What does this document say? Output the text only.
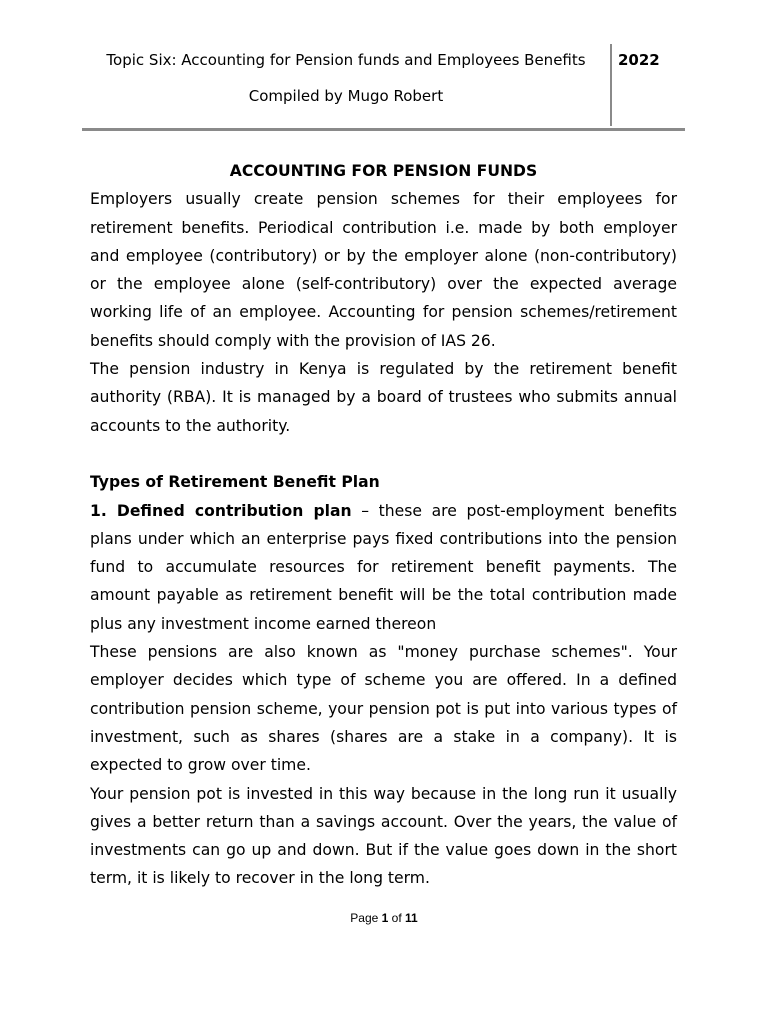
Topic Six: Accounting for Pension funds and Employees Benefits
Compiled by Mugo Robert
2022

ACCOUNTING FOR PENSION FUNDS

Employers usually create pension schemes for their employees for retirement benefits. Periodical contribution i.e. made by both employer and employee (contributory) or by the employer alone (non-contributory) or the employee alone (self-contributory) over the expected average working life of an employee. Accounting for pension schemes/retirement benefits should comply with the provision of IAS 26.

The pension industry in Kenya is regulated by the retirement benefit authority (RBA). It is managed by a board of trustees who submits annual accounts to the authority.

Types of Retirement Benefit Plan

1. Defined contribution plan – these are post-employment benefits plans under which an enterprise pays fixed contributions into the pension fund to accumulate resources for retirement benefit payments. The amount payable as retirement benefit will be the total contribution made plus any investment income earned thereon

These pensions are also known as "money purchase schemes". Your employer decides which type of scheme you are offered. In a defined contribution pension scheme, your pension pot is put into various types of investment, such as shares (shares are a stake in a company). It is expected to grow over time.

Your pension pot is invested in this way because in the long run it usually gives a better return than a savings account. Over the years, the value of investments can go up and down. But if the value goes down in the short term, it is likely to recover in the long term.

Page 1 of 11
